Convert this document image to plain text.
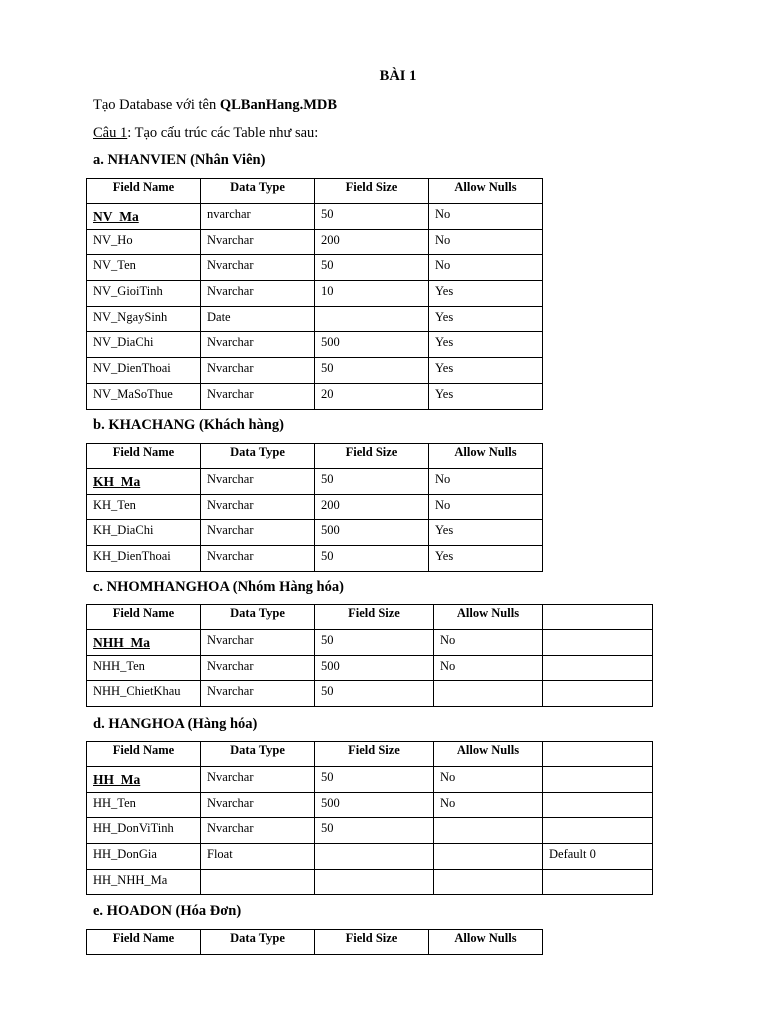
BÀI 1
Tạo Database với tên QLBanHang.MDB
Câu 1: Tạo cấu trúc các Table như sau:
a. NHANVIEN (Nhân Viên)
Field Name	Data Type	Field Size	Allow Nulls
NV_Ma	nvarchar	50	No
NV_Ho	Nvarchar	200	No
NV_Ten	Nvarchar	50	No
NV_GioiTinh	Nvarchar	10	Yes
NV_NgaySinh	Date		Yes
NV_DiaChi	Nvarchar	500	Yes
NV_DienThoai	Nvarchar	50	Yes
NV_MaSoThue	Nvarchar	20	Yes
b. KHACHANG (Khách hàng)
Field Name	Data Type	Field Size	Allow Nulls
KH_Ma	Nvarchar	50	No
KH_Ten	Nvarchar	200	No
KH_DiaChi	Nvarchar	500	Yes
KH_DienThoai	Nvarchar	50	Yes
c. NHOMHANGHOA (Nhóm Hàng hóa)
Field Name	Data Type	Field Size	Allow Nulls	
NHH_Ma	Nvarchar	50	No	
NHH_Ten	Nvarchar	500	No	
NHH_ChietKhau	Nvarchar	50		
d. HANGHOA (Hàng hóa)
Field Name	Data Type	Field Size	Allow Nulls	
HH_Ma	Nvarchar	50	No	
HH_Ten	Nvarchar	500	No	
HH_DonViTinh	Nvarchar	50		
HH_DonGia	Float			Default 0
HH_NHH_Ma				
e. HOADON (Hóa Đơn)
Field Name	Data Type	Field Size	Allow Nulls
